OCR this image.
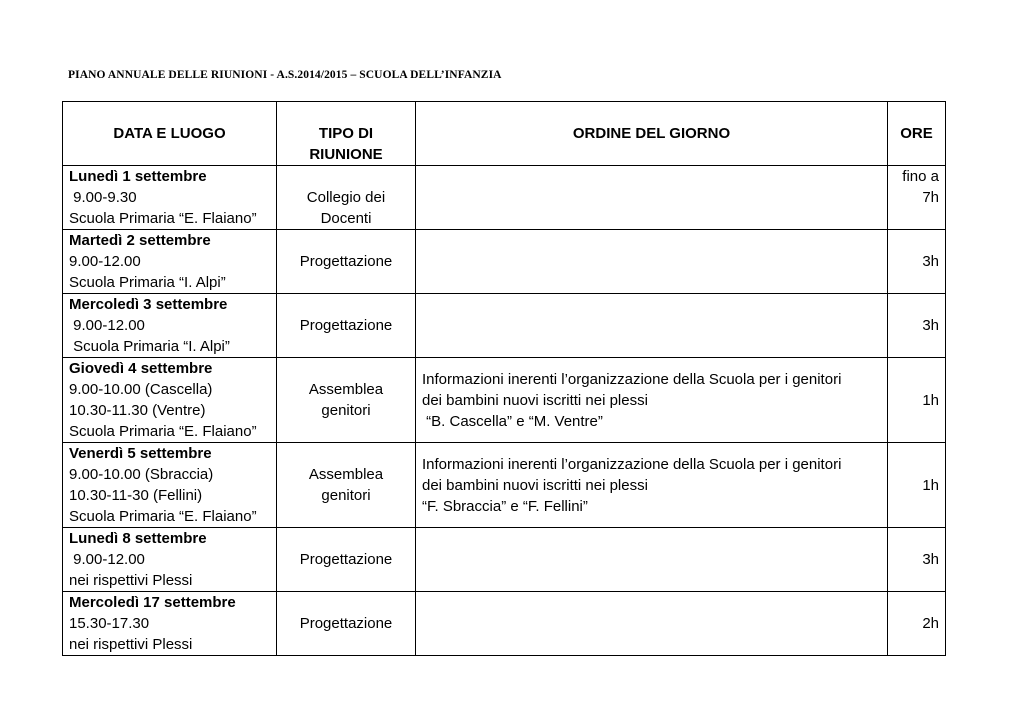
PIANO ANNUALE DELLE RIUNIONI - A.S.2014/2015 – SCUOLA DELL’INFANZIA
DATA E LUOGO	TIPO DI RIUNIONE	ORDINE DEL GIORNO	ORE

Lunedì 1 settembre
9.00-9.30
Scuola Primaria “E. Flaiano”	Collegio dei
Docenti		fino a
7h

Martedì 2 settembre
9.00-12.00
Scuola Primaria “I. Alpi”	Progettazione		3h

Mercoledì 3 settembre
9.00-12.00
Scuola Primaria “I. Alpi”	Progettazione		3h

Giovedì 4 settembre
9.00-10.00 (Cascella)
10.30-11.30 (Ventre)
Scuola Primaria “E. Flaiano”	Assemblea
genitori	Informazioni inerenti l’organizzazione della Scuola per i genitori
dei bambini nuovi iscritti nei plessi
“B. Cascella” e “M. Ventre”	1h

Venerdì 5 settembre
9.00-10.00 (Sbraccia)
10.30-11-30 (Fellini)
Scuola Primaria “E. Flaiano”	Assemblea
genitori	Informazioni inerenti l’organizzazione della Scuola per i genitori
dei bambini nuovi iscritti nei plessi
“F. Sbraccia” e “F. Fellini”	1h

Lunedì 8 settembre
9.00-12.00
nei rispettivi Plessi	Progettazione		3h

Mercoledì 17 settembre
15.30-17.30
nei rispettivi Plessi	Progettazione		2h
